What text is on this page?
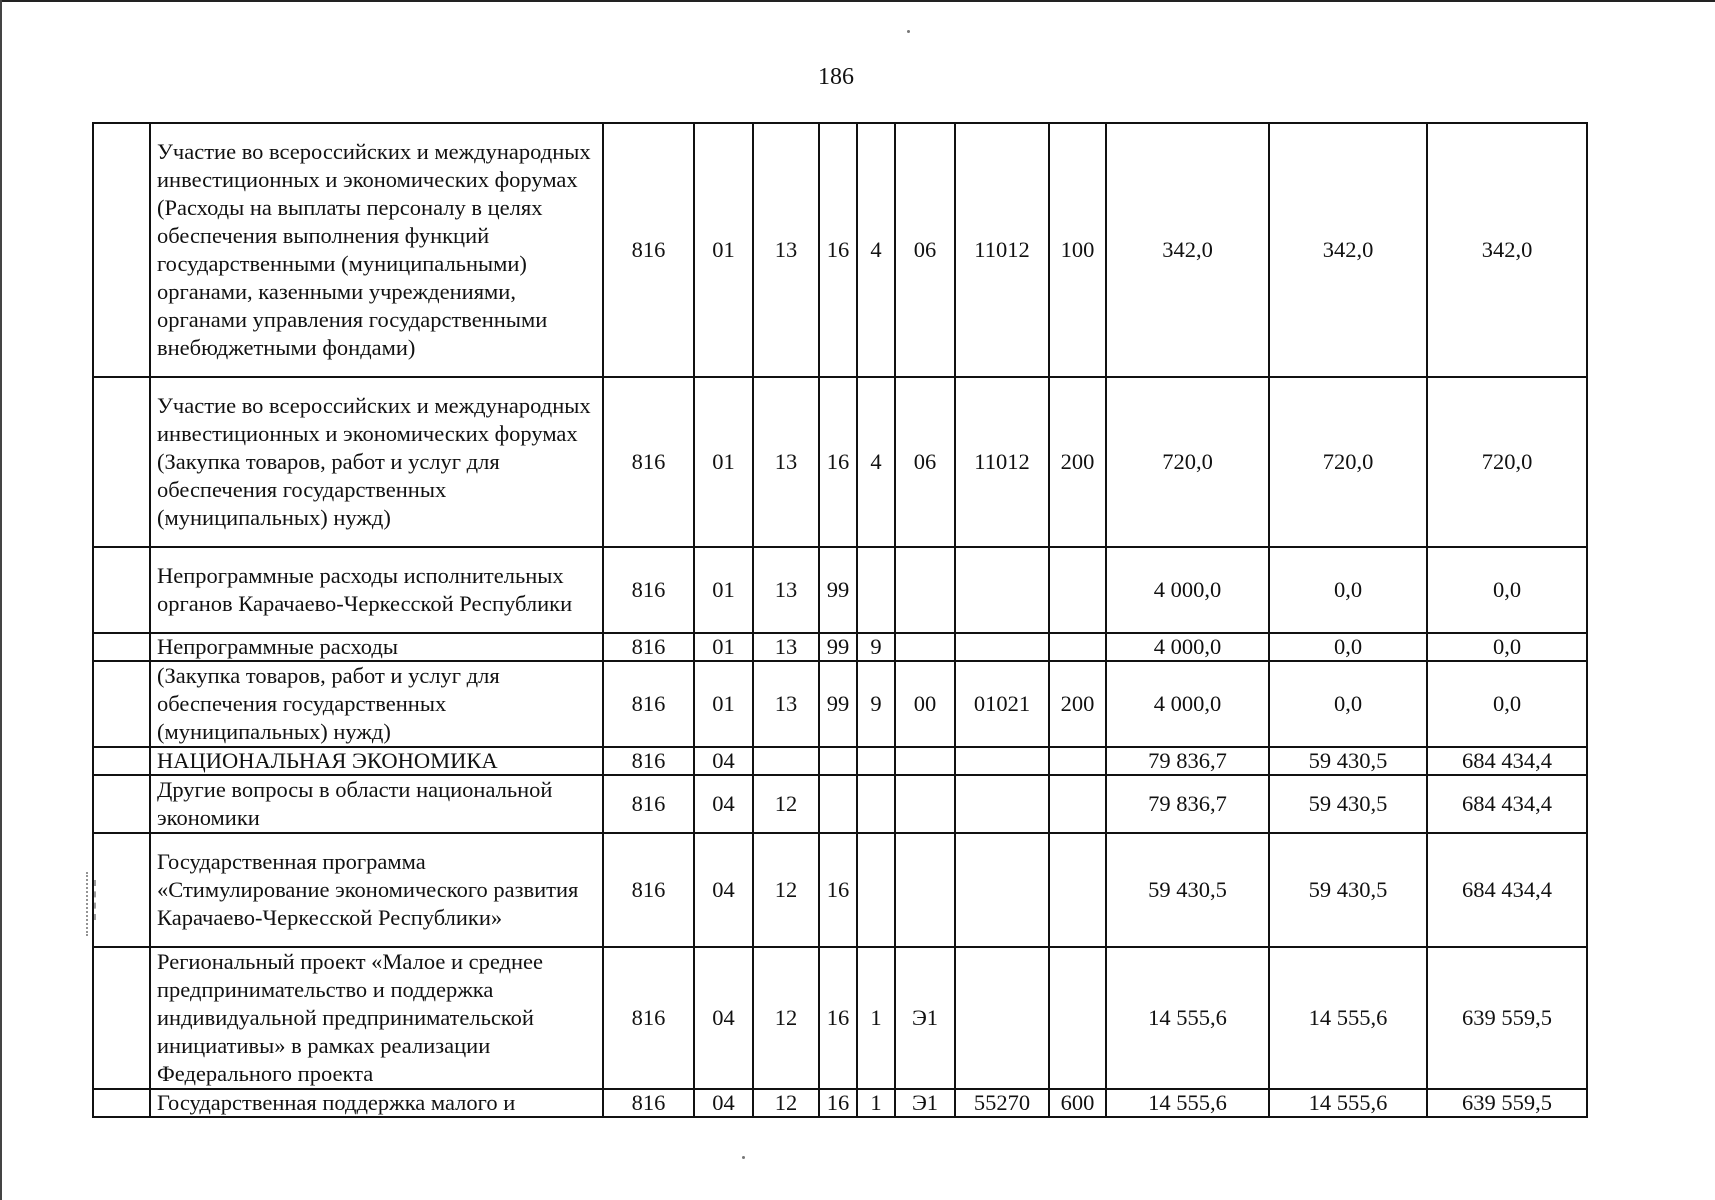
186
	Участие во всероссийских и международных инвестиционных и экономических форумах (Расходы на выплаты персоналу в целях обеспечения выполнения функций государственными (муниципальными) органами, казенными учреждениями, органами управления государственными внебюджетными фондами)	816	01	13	16	4	06	11012	100	342,0	342,0	342,0
	Участие во всероссийских и международных инвестиционных и экономических форумах (Закупка товаров, работ и услуг для обеспечения государственных (муниципальных) нужд)	816	01	13	16	4	06	11012	200	720,0	720,0	720,0
	Непрограммные расходы исполнительных органов Карачаево-Черкесской Республики	816	01	13	99					4 000,0	0,0	0,0
	Непрограммные расходы	816	01	13	99	9				4 000,0	0,0	0,0
	(Закупка товаров, работ и услуг для обеспечения государственных (муниципальных) нужд)	816	01	13	99	9	00	01021	200	4 000,0	0,0	0,0
	НАЦИОНАЛЬНАЯ ЭКОНОМИКА	816	04							79 836,7	59 430,5	684 434,4
	Другие вопросы в области национальной экономики	816	04	12						79 836,7	59 430,5	684 434,4
	Государственная программа «Стимулирование экономического развития Карачаево-Черкесской Республики»	816	04	12	16					59 430,5	59 430,5	684 434,4
	Региональный проект «Малое и среднее предпринимательство и поддержка индивидуальной предпринимательской инициативы» в рамках реализации Федерального проекта	816	04	12	16	1	Э1			14 555,6	14 555,6	639 559,5
	Государственная поддержка малого и	816	04	12	16	1	Э1	55270	600	14 555,6	14 555,6	639 559,5
